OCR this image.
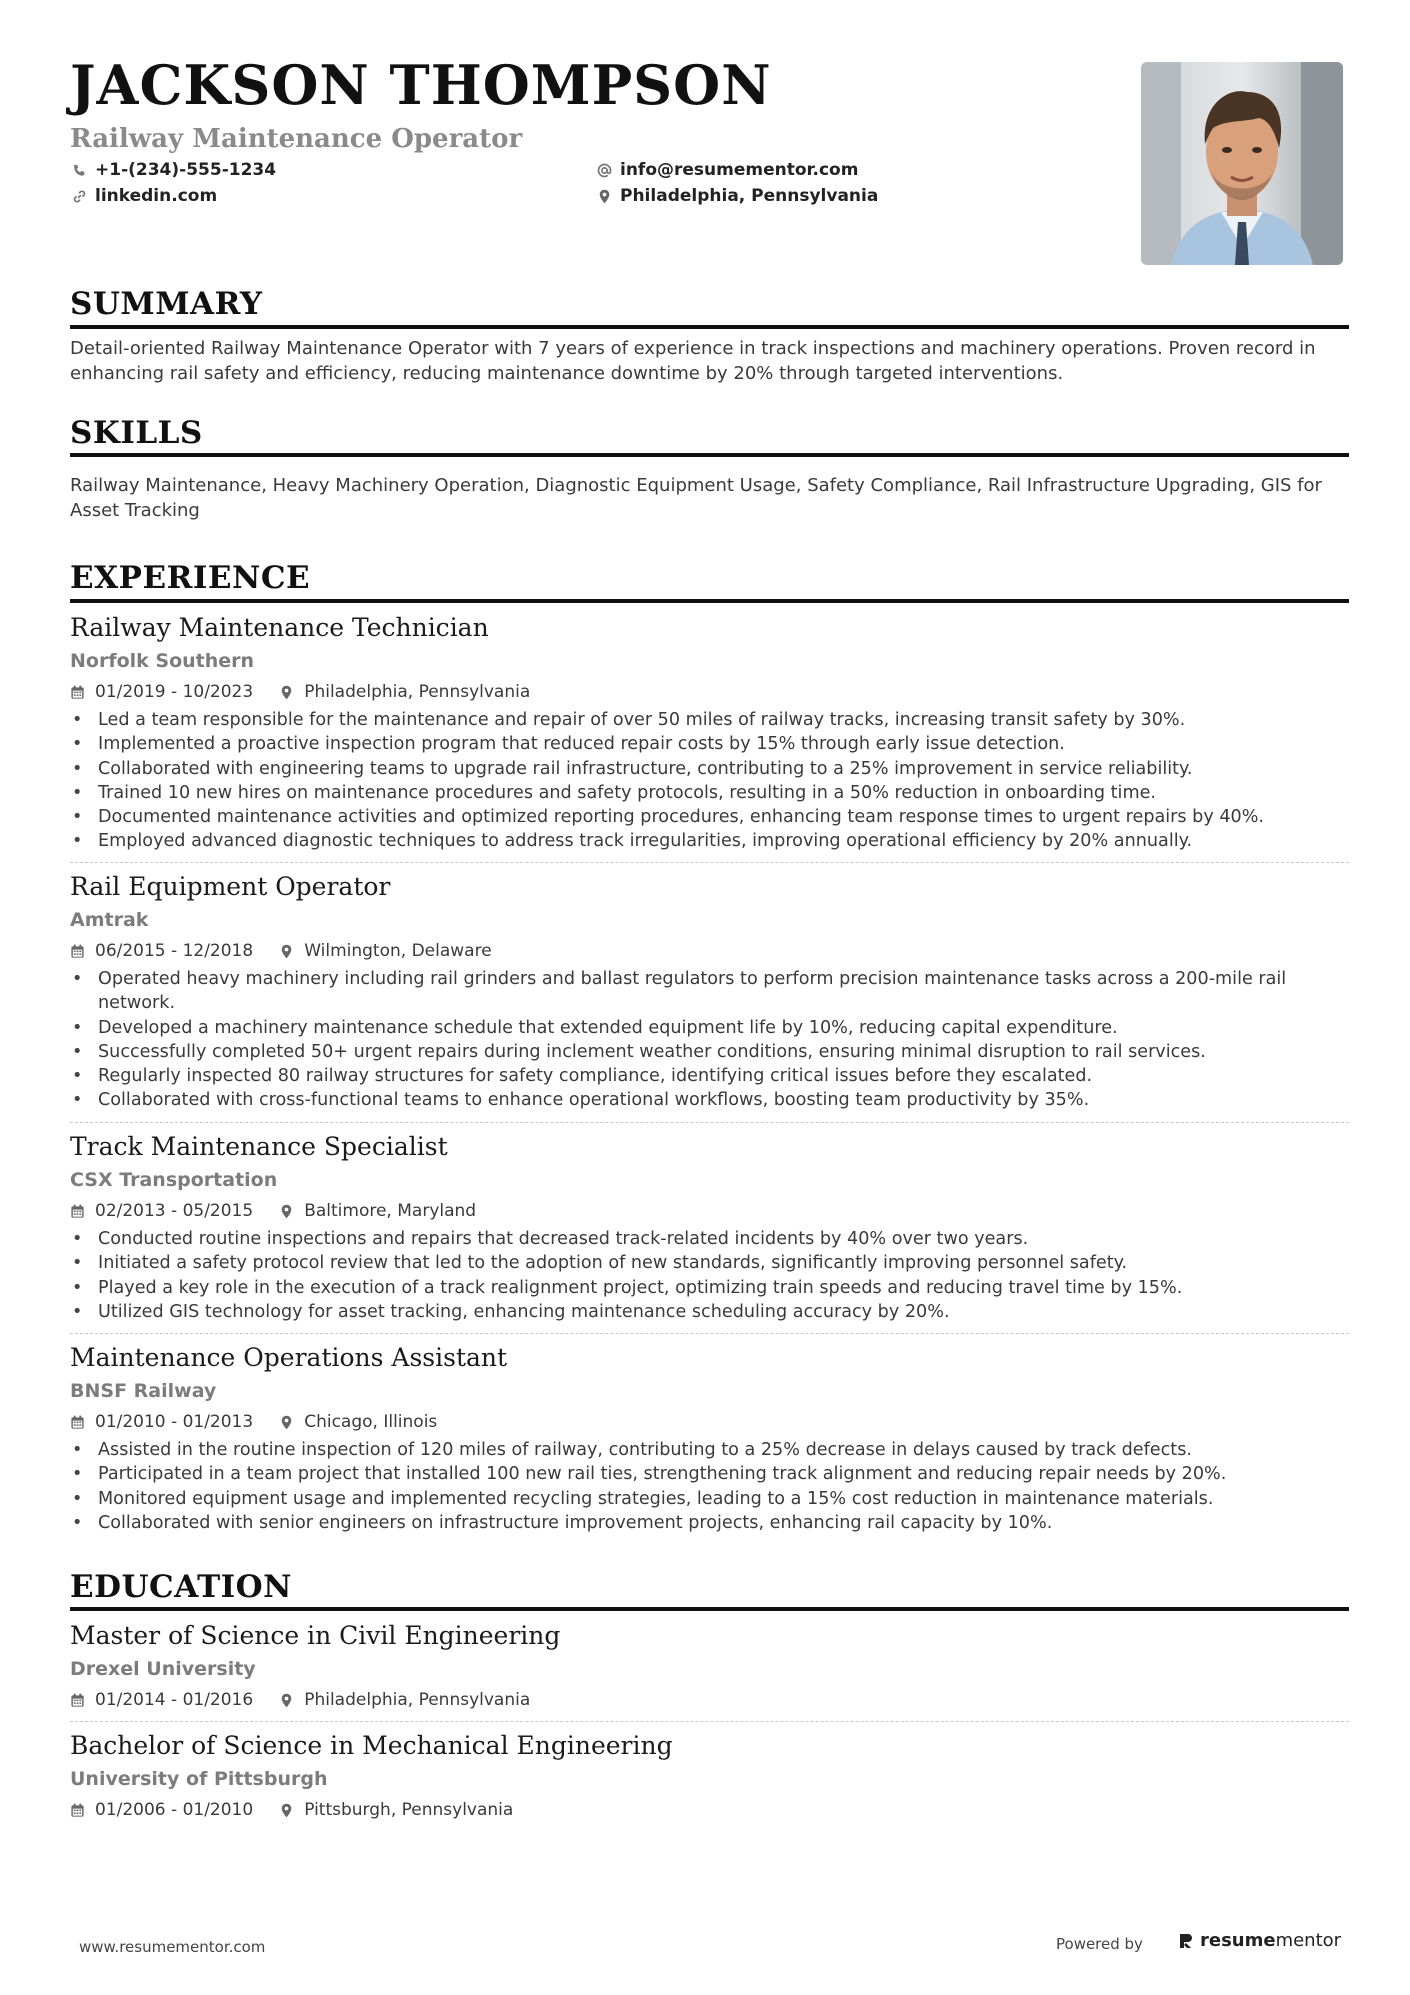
JACKSON THOMPSON
Railway Maintenance Operator
+1-(234)-555-1234
linkedin.com
info@resumementor.com
Philadelphia, Pennsylvania
SUMMARY
Detail-oriented Railway Maintenance Operator with 7 years of experience in track inspections and machinery operations. Proven record in enhancing rail safety and efficiency, reducing maintenance downtime by 20% through targeted interventions.
SKILLS
Railway Maintenance, Heavy Machinery Operation, Diagnostic Equipment Usage, Safety Compliance, Rail Infrastructure Upgrading, GIS for Asset Tracking
EXPERIENCE
Railway Maintenance Technician
Norfolk Southern
01/2019 - 10/2023	Philadelphia, Pennsylvania
• Led a team responsible for the maintenance and repair of over 50 miles of railway tracks, increasing transit safety by 30%.
• Implemented a proactive inspection program that reduced repair costs by 15% through early issue detection.
• Collaborated with engineering teams to upgrade rail infrastructure, contributing to a 25% improvement in service reliability.
• Trained 10 new hires on maintenance procedures and safety protocols, resulting in a 50% reduction in onboarding time.
• Documented maintenance activities and optimized reporting procedures, enhancing team response times to urgent repairs by 40%.
• Employed advanced diagnostic techniques to address track irregularities, improving operational efficiency by 20% annually.
Rail Equipment Operator
Amtrak
06/2015 - 12/2018	Wilmington, Delaware
• Operated heavy machinery including rail grinders and ballast regulators to perform precision maintenance tasks across a 200-mile rail network.
• Developed a machinery maintenance schedule that extended equipment life by 10%, reducing capital expenditure.
• Successfully completed 50+ urgent repairs during inclement weather conditions, ensuring minimal disruption to rail services.
• Regularly inspected 80 railway structures for safety compliance, identifying critical issues before they escalated.
• Collaborated with cross-functional teams to enhance operational workflows, boosting team productivity by 35%.
Track Maintenance Specialist
CSX Transportation
02/2013 - 05/2015	Baltimore, Maryland
• Conducted routine inspections and repairs that decreased track-related incidents by 40% over two years.
• Initiated a safety protocol review that led to the adoption of new standards, significantly improving personnel safety.
• Played a key role in the execution of a track realignment project, optimizing train speeds and reducing travel time by 15%.
• Utilized GIS technology for asset tracking, enhancing maintenance scheduling accuracy by 20%.
Maintenance Operations Assistant
BNSF Railway
01/2010 - 01/2013	Chicago, Illinois
• Assisted in the routine inspection of 120 miles of railway, contributing to a 25% decrease in delays caused by track defects.
• Participated in a team project that installed 100 new rail ties, strengthening track alignment and reducing repair needs by 20%.
• Monitored equipment usage and implemented recycling strategies, leading to a 15% cost reduction in maintenance materials.
• Collaborated with senior engineers on infrastructure improvement projects, enhancing rail capacity by 10%.
EDUCATION
Master of Science in Civil Engineering
Drexel University
01/2014 - 01/2016	Philadelphia, Pennsylvania
Bachelor of Science in Mechanical Engineering
University of Pittsburgh
01/2006 - 01/2010	Pittsburgh, Pennsylvania
www.resumementor.com	Powered by	resumementor
